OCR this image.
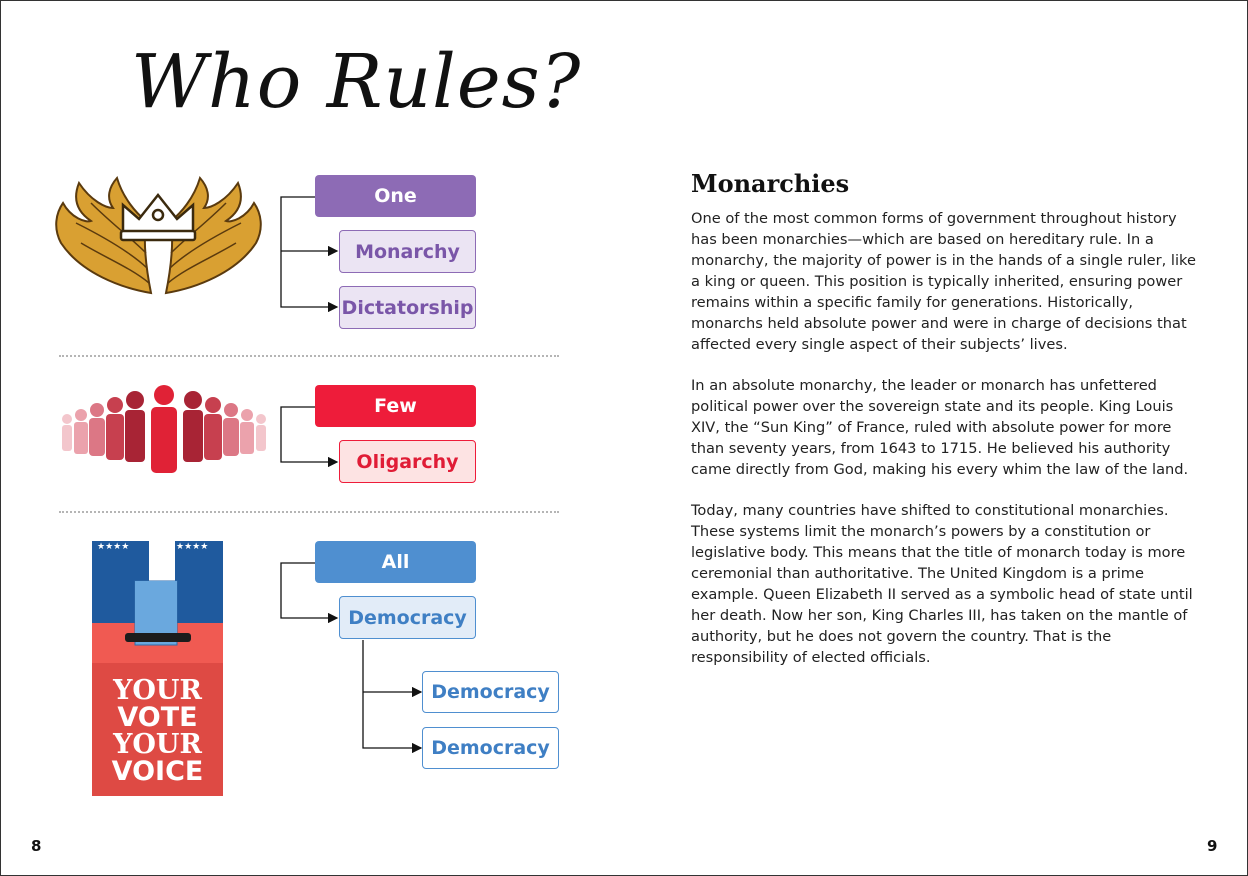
Who Rules?
★★★★	★★★★
YOUR
VOTE
YOUR
VOICE
One
Monarchy
Dictatorship
Few
Oligarchy
All
Democracy
Democracy
Democracy
Monarchies

One of the most common forms of government throughout history has been monarchies—which are based on hereditary rule. In a monarchy, the majority of power is in the hands of a single ruler, like a king or queen. This position is typically inherited, ensuring power remains within a specific family for generations. Historically, monarchs held absolute power and were in charge of decisions that affected every single aspect of their subjects’ lives.

In an absolute monarchy, the leader or monarch has unfettered political power over the sovereign state and its people. King Louis XIV, the “Sun King” of France, ruled with absolute power for more than seventy years, from 1643 to 1715. He believed his authority came directly from God, making his every whim the law of the land.

Today, many countries have shifted to constitutional monarchies. These systems limit the monarch’s powers by a constitution or legislative body. This means that the title of monarch today is more ceremonial than authoritative. The United Kingdom is a prime example. Queen Elizabeth II served as a symbolic head of state until her death. Now her son, King Charles III, has taken on the mantle of authority, but he does not govern the country. That is the responsibility of elected officials.

8	9
